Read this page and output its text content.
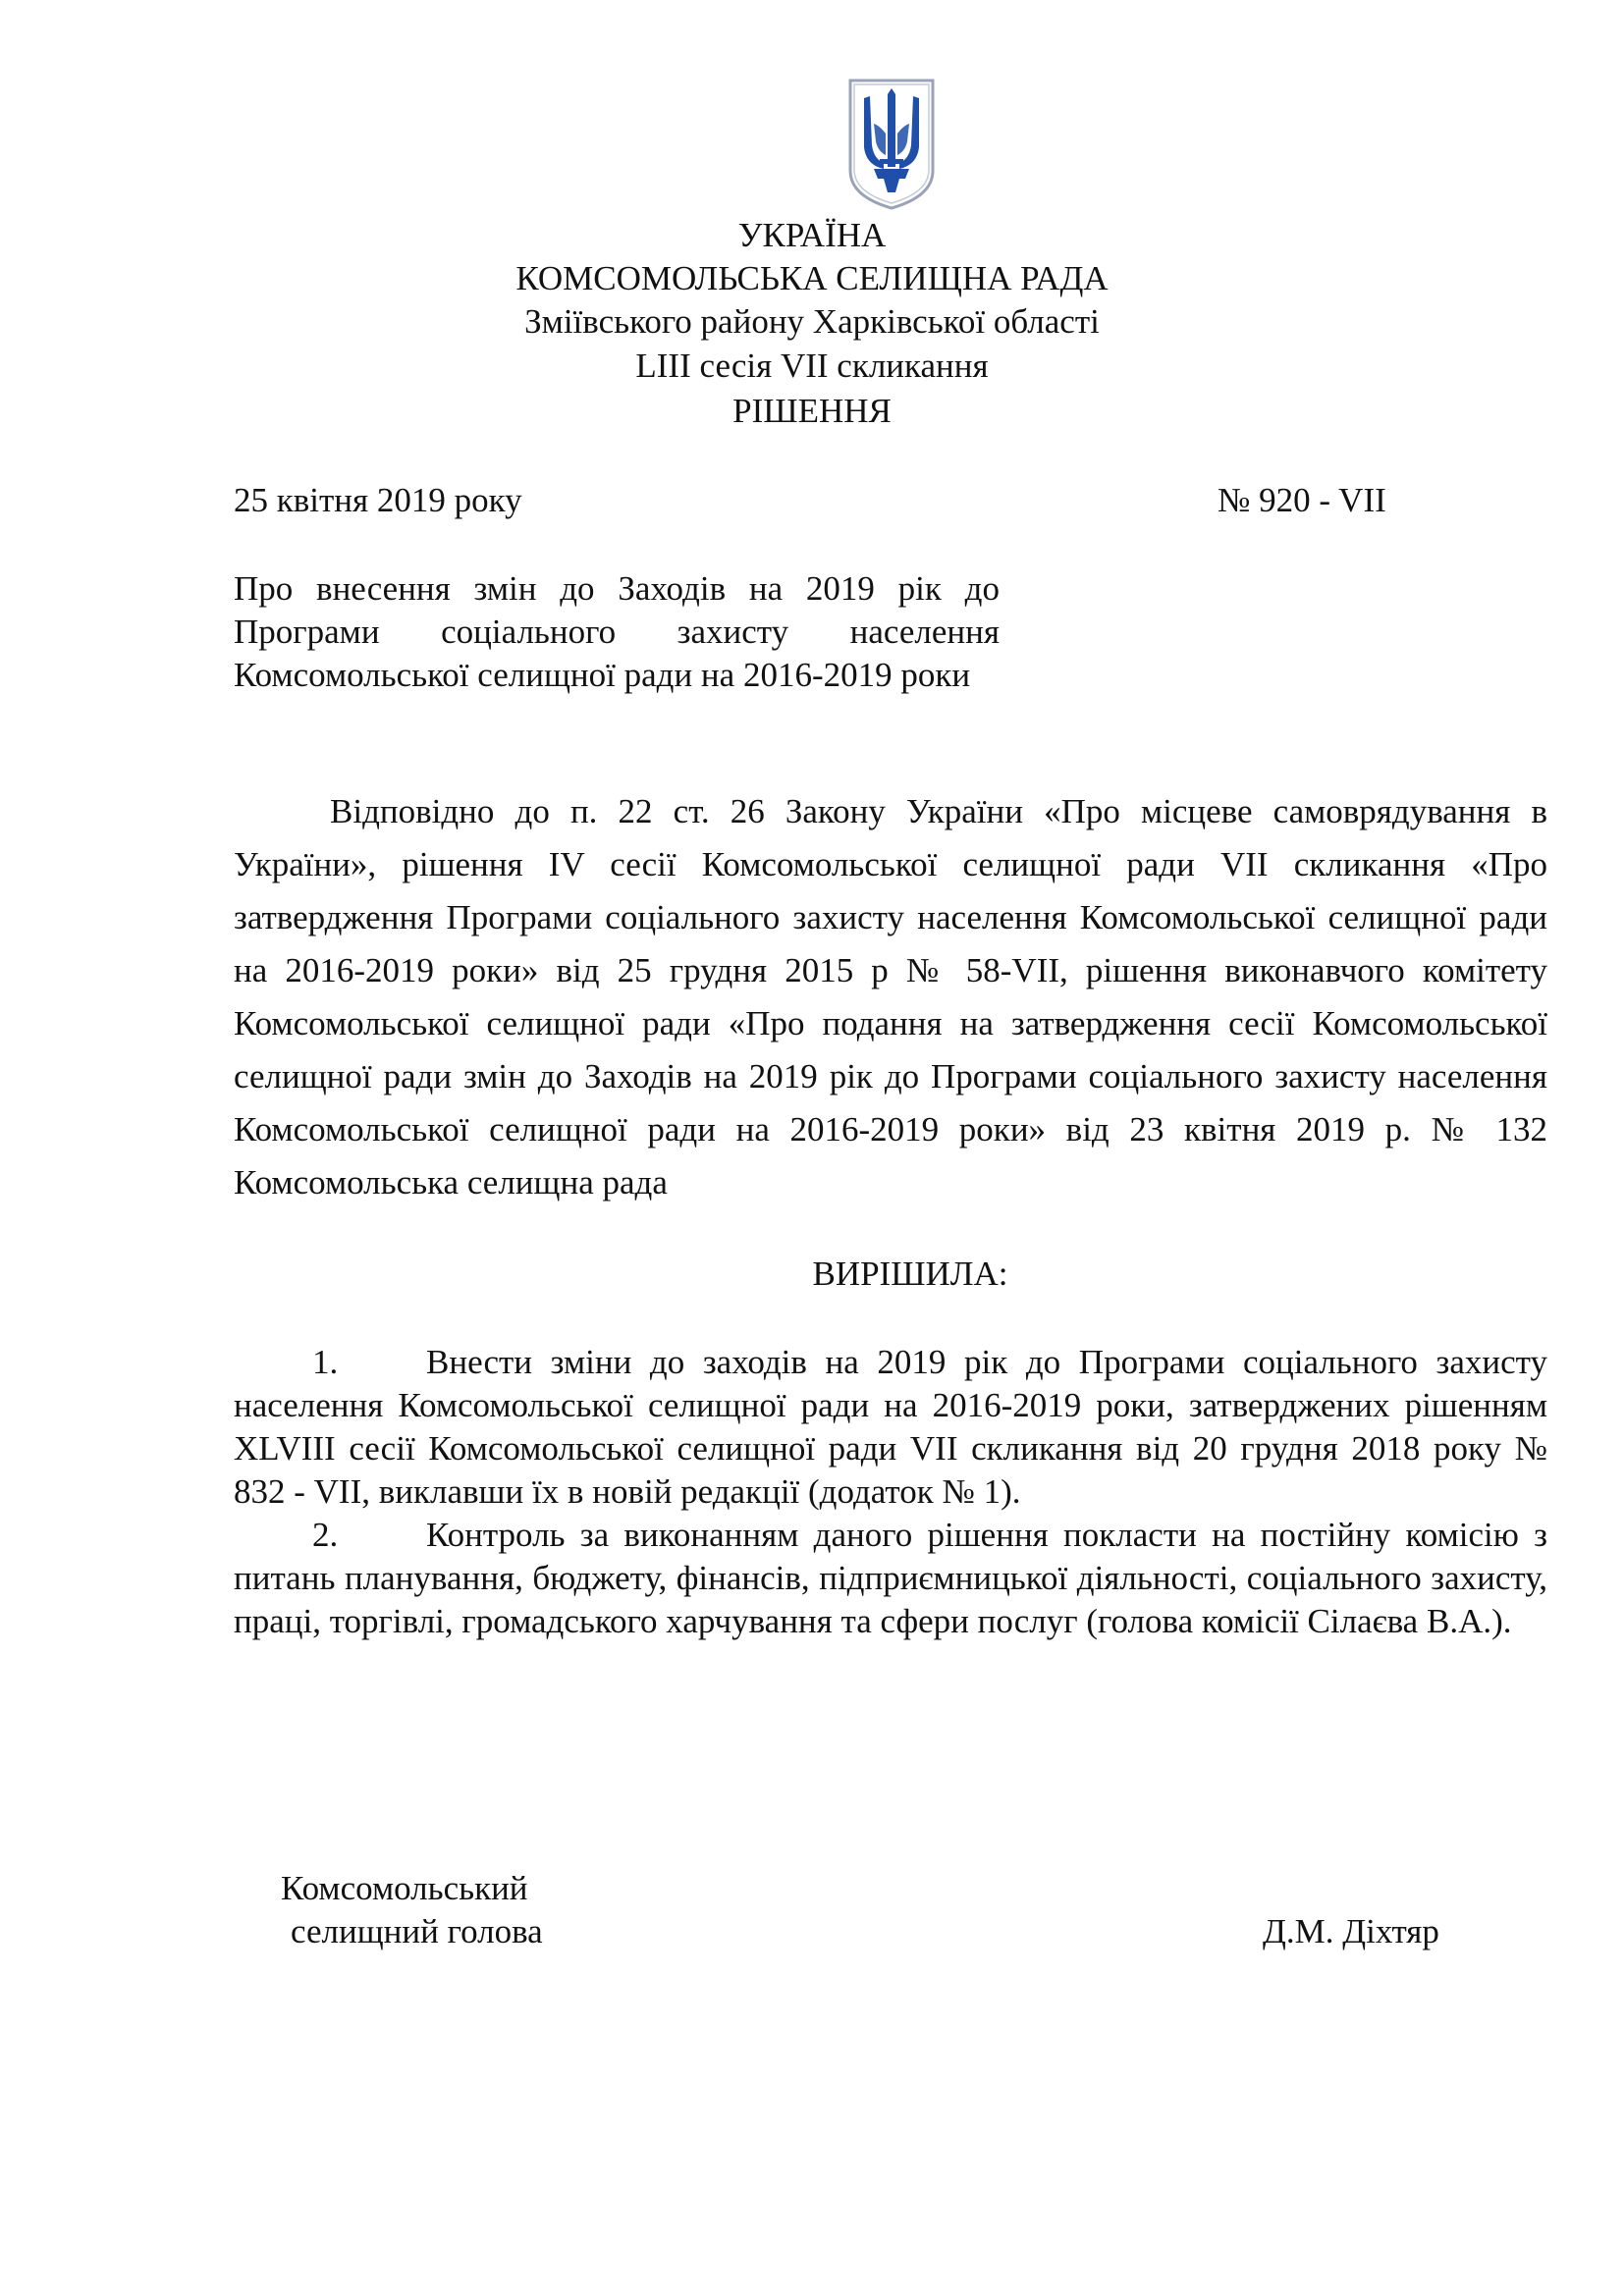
УКРАЇНА
КОМСОМОЛЬСЬКА СЕЛИЩНА РАДА
Зміївського району Харківської області
LIII сесія VII скликання
РІШЕННЯ
25 квітня 2019 року	№ 920 - VII
Про внесення змін до Заходів на 2019 рік до Програми соціального захисту населення Комсомольської селищної ради на 2016-2019 роки
Відповідно до п. 22 ст. 26 Закону України «Про місцеве самоврядування в України», рішення IV сесії Комсомольської селищної ради VII скликання «Про затвердження Програми соціального захисту населення Комсомольської селищної ради на 2016-2019 роки» від 25 грудня 2015 р № 58-VII, рішення виконавчого комітету Комсомольської селищної ради «Про подання на затвердження сесії Комсомольської селищної ради змін до Заходів на 2019 рік до Програми соціального захисту населення Комсомольської селищної ради на 2016-2019 роки» від 23 квітня 2019 р. № 132 Комсомольська селищна рада
ВИРІШИЛА:
1.	Внести зміни до заходів на 2019 рік до Програми соціального захисту населення Комсомольської селищної ради на 2016-2019 роки, затверджених рішенням XLVIII сесії Комсомольської селищної ради VII скликання від 20 грудня 2018 року № 832 - VII, виклавши їх в новій редакції (додаток № 1).
2.	Контроль за виконанням даного рішення покласти на постійну комісію з питань планування, бюджету, фінансів, підприємницької діяльності, соціального захисту, праці, торгівлі, громадського харчування та сфери послуг (голова комісії Сілаєва В.А.).
Комсомольський
селищний голова	Д.М. Діхтяр
